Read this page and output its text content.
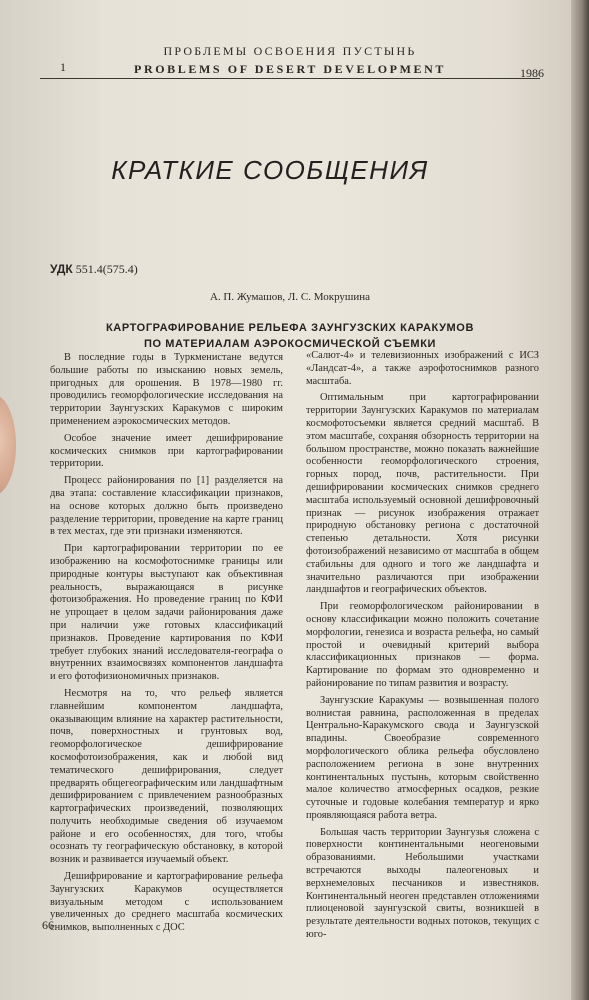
ПРОБЛЕМЫ ОСВОЕНИЯ ПУСТЫНЬ
1	PROBLEMS OF DESERT DEVELOPMENT	1986
КРАТКИЕ СООБЩЕНИЯ
УДК 551.4(575.4)
А. П. Жумашов, Л. С. Мокрушина
КАРТОГРАФИРОВАНИЕ РЕЛЬЕФА ЗАУНГУЗСКИХ КАРАКУМОВ
ПО МАТЕРИАЛАМ АЭРОКОСМИЧЕСКОЙ СЪЕМКИ

В последние годы в Туркменистане ведутся большие работы по изысканию новых земель, пригодных для орошения. В 1978—1980 гг. проводились геоморфологические исследования на территории Заунгузских Каракумов с широким применением аэрокосмических методов.

Особое значение имеет дешифрирование космических снимков при картографировании территории.

Процесс районирования по [1] разделяется на два этапа: составление классификации признаков, на основе которых должно быть произведено разделение территории, проведение на карте границ в тех местах, где эти признаки изменяются.

При картографировании территории по ее изображению на космофотоснимке границы или природные контуры выступают как объективная реальность, выражающаяся в рисунке фотоизображения. Но проведение границ по КФИ не упрощает в целом задачи районирования даже при наличии уже готовых классификаций признаков. Проведение картирования по КФИ требует глубоких знаний исследователя-географа о внутренних взаимосвязях компонентов ландшафта и его фотофизиономичных признаков.

Несмотря на то, что рельеф является главнейшим компонентом ландшафта, оказывающим влияние на характер растительности, почв, поверхностных и грунтовых вод, геоморфологическое дешифрирование космофотоизображения, как и любой вид тематического дешифрирования, следует предварять общегеографическим или ландшафтным дешифрированием с привлечением разнообразных картографических произведений, позволяющих получить необходимые сведения об изучаемом районе и его особенностях, для того, чтобы осознать ту географическую обстановку, в которой возник и развивается изучаемый объект.

Дешифрирование и картографирование рельефа Заунгузских Каракумов осуществляется визуальным методом с использованием увеличенных до среднего масштаба космических снимков, выполненных с ДОС

«Салют-4» и телевизионных изображений с ИСЗ «Ландсат-4», а также аэрофотоснимков разного масштаба.

Оптимальным при картографировании территории Заунгузских Каракумов по материалам космофотосъемки является средний масштаб. В этом масштабе, сохраняя обзорность территории на большом пространстве, можно показать важнейшие особенности геоморфологического строения, горных пород, почв, растительности. При дешифрировании космических снимков среднего масштаба используемый основной дешифровочный признак — рисунок изображения отражает природную обстановку региона с достаточной степенью детальности. Хотя рисунки фотоизображений независимо от масштаба в общем стабильны для одного и того же ландшафта и значительно различаются при изображении ландшафтов и географических объектов.

При геоморфологическом районировании в основу классификации можно положить сочетание морфологии, генезиса и возраста рельефа, но самый простой и очевидный критерий выбора классификационных признаков — форма. Картирование по формам это одновременно и районирование по типам развития и возрасту.

Заунгузские Каракумы — возвышенная полого волнистая равнина, расположенная в пределах Центрально-Каракумского свода и Заунгузской впадины. Своеобразие современного морфологического облика рельефа обусловлено расположением региона в зоне внутренних континентальных пустынь, которым свойственно малое количество атмосферных осадков, резкие суточные и годовые колебания температур и ярко проявляющаяся работа ветра.

Большая часть территории Заунгузья сложена с поверхности континентальными неогеновыми образованиями. Небольшими участками встречаются выходы палеогеновых и верхнемеловых песчаников и известняков. Континентальный неоген представлен отложениями плиоценовой заунгузской свиты, возникшей в результате деятельности водных потоков, текущих с юго-

66
